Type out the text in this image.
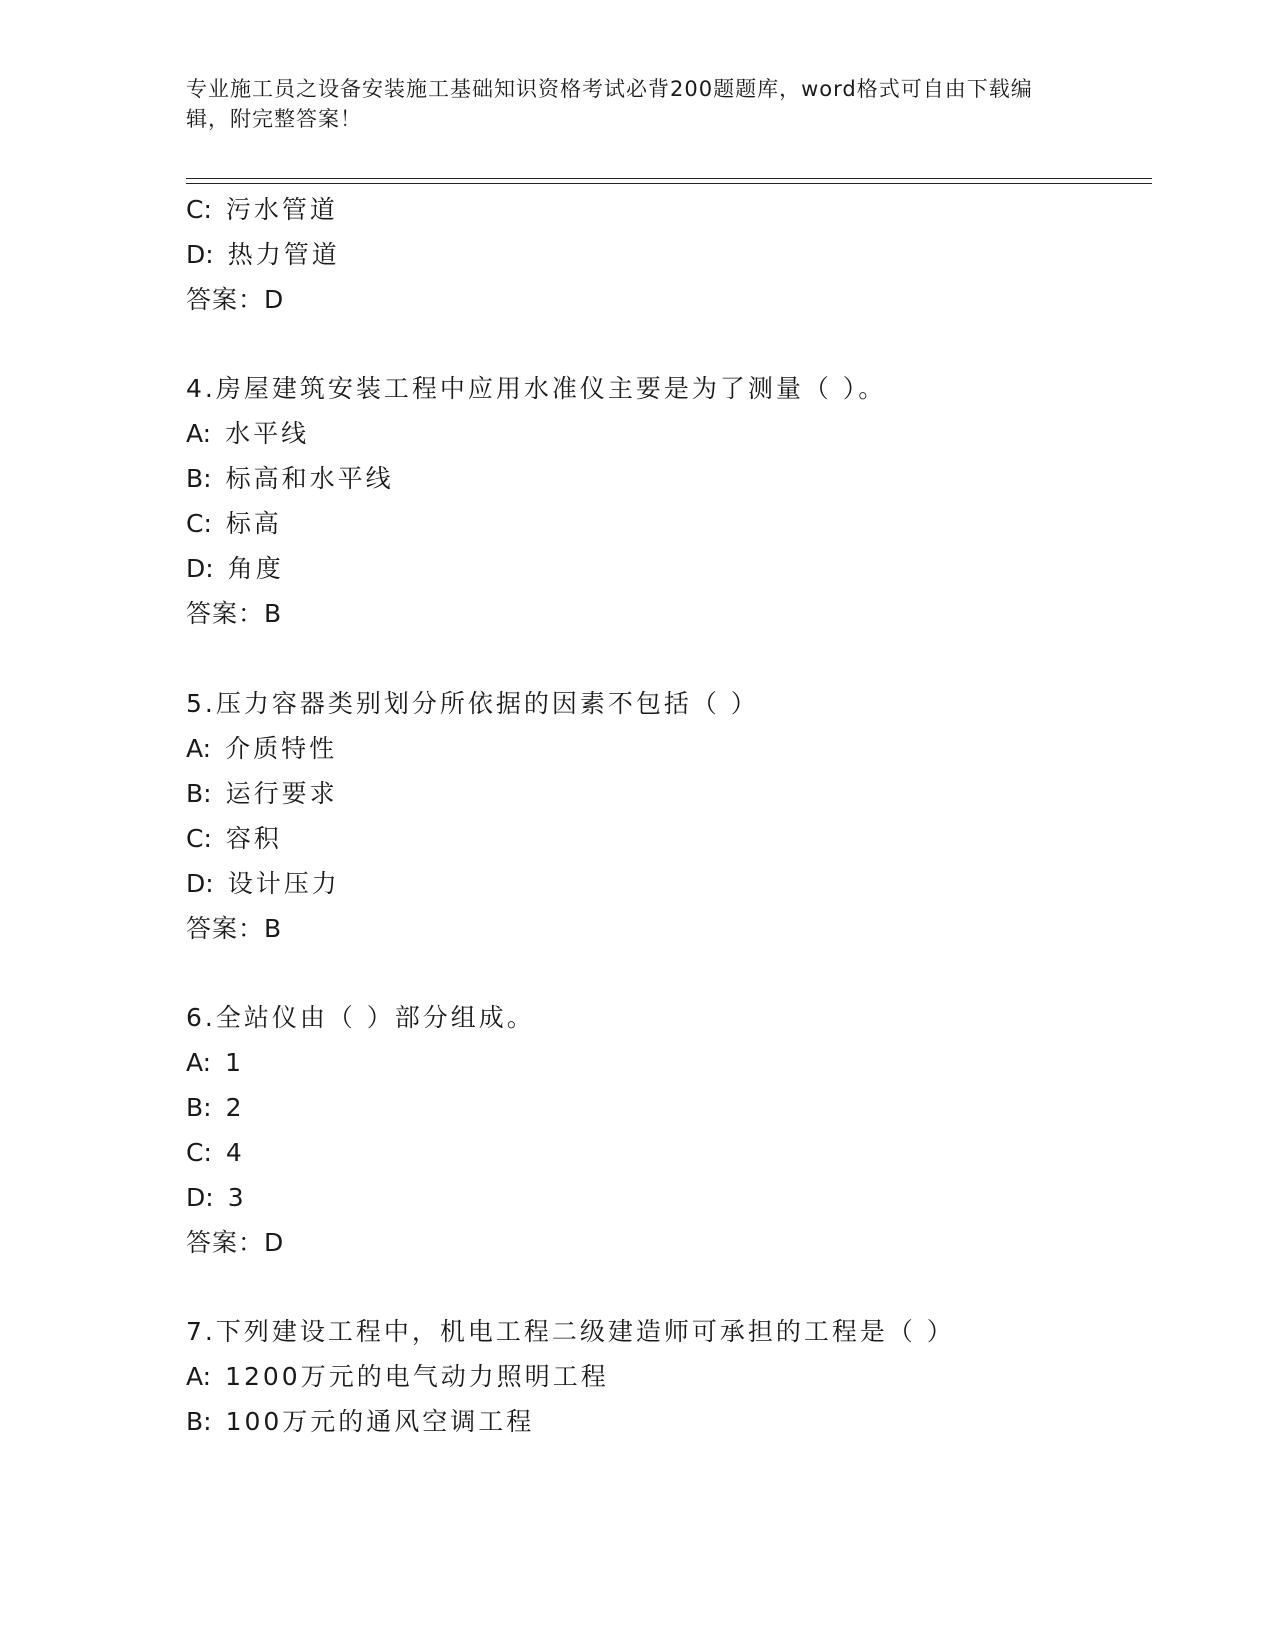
专业施工员之设备安装施工基础知识资格考试必背200题题库，word格式可自由下载编辑，附完整答案！
C: 污水管道
D: 热力管道
答案：D
4.房屋建筑安装工程中应用水准仪主要是为了测量（ ）。
A: 水平线
B: 标高和水平线
C: 标高
D: 角度
答案：B
5.压力容器类别划分所依据的因素不包括（ ）
A: 介质特性
B: 运行要求
C: 容积
D: 设计压力
答案：B
6.全站仪由（ ）部分组成。
A: 1
B: 2
C: 4
D: 3
答案：D
7.下列建设工程中，机电工程二级建造师可承担的工程是（ ）
A: 1200万元的电气动力照明工程
B: 100万元的通风空调工程
